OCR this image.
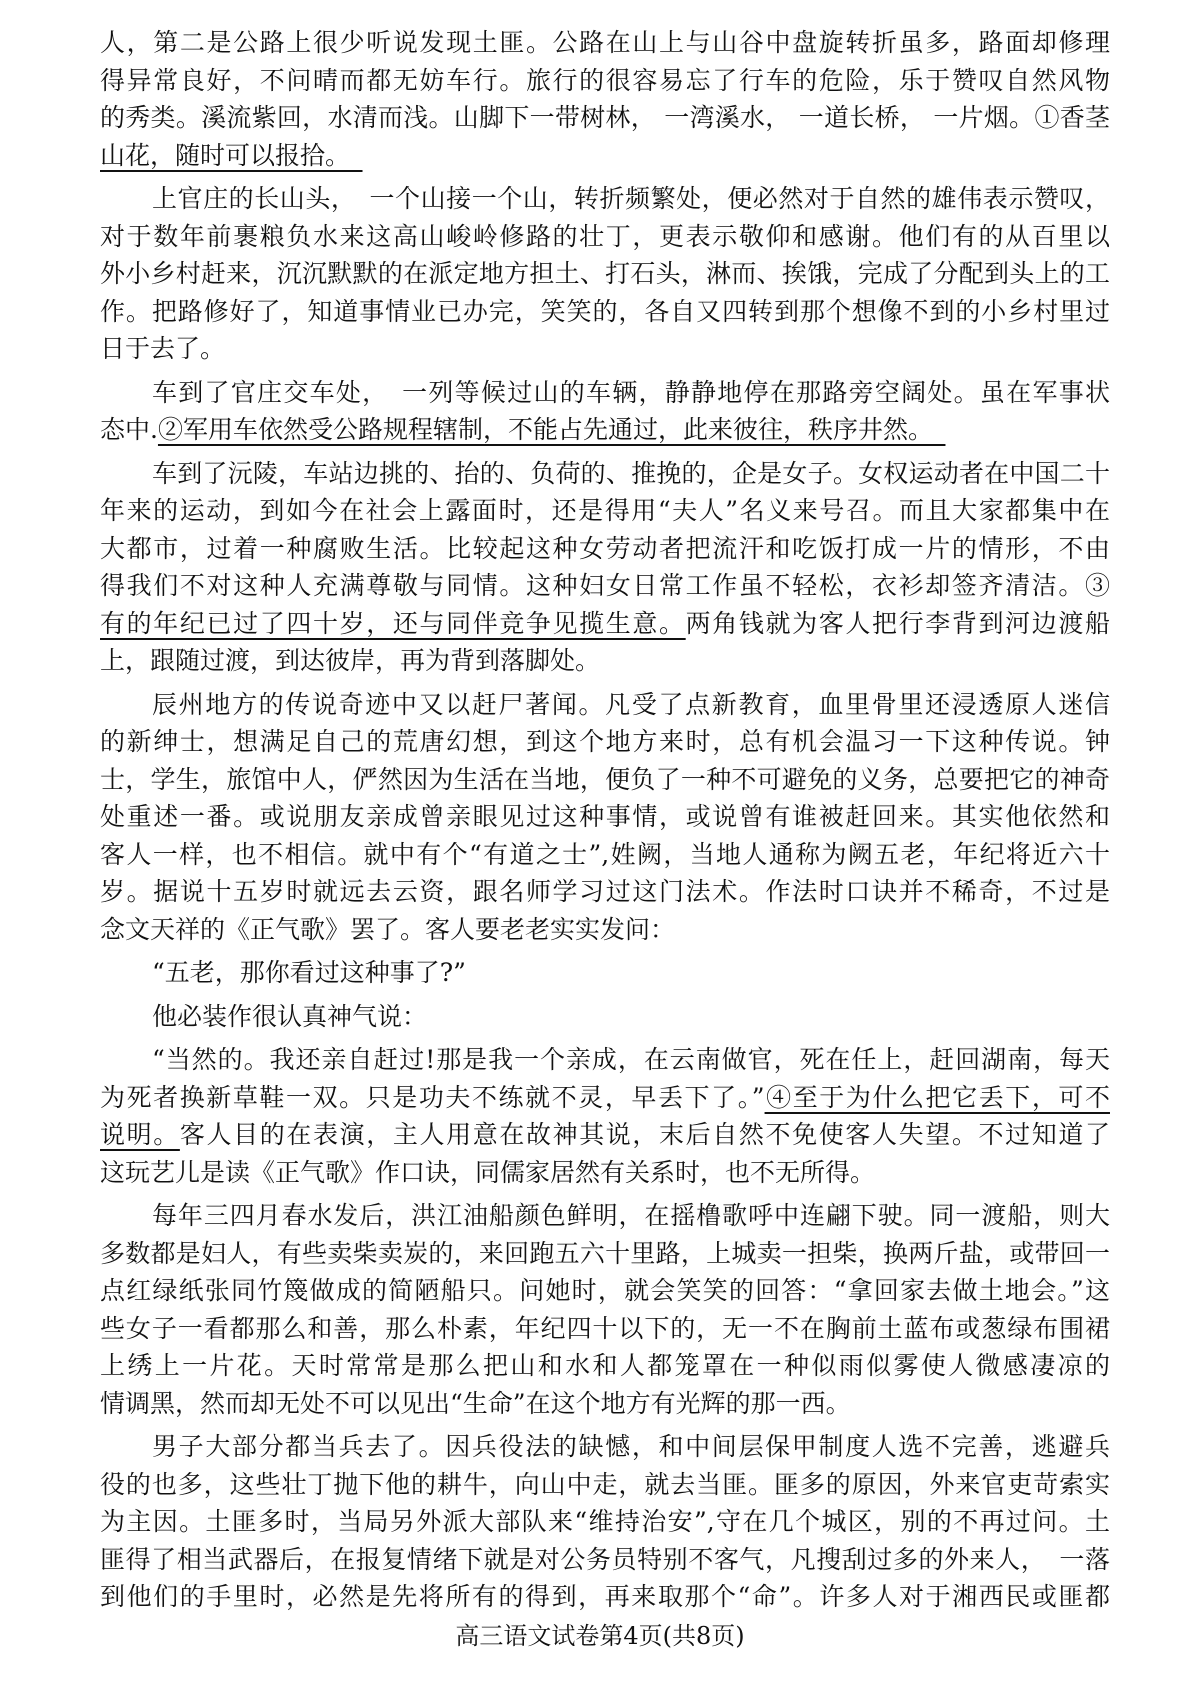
人，第二是公路上很少听说发现土匪。公路在山上与山谷中盘旋转折虽多，路面却修理
得异常良好，不问晴而都无妨车行。旅行的很容易忘了行车的危险，乐于赞叹自然风物
的秀类。溪流紫回，水清而浅。山脚下一带树林， 一湾溪水， 一道长桥， 一片烟。①香茎
山花，随时可以报拾。　
上官庄的长山头，　一个山接一个山，转折频繁处，便必然对于自然的雄伟表示赞叹，
对于数年前裹粮负水来这高山峻岭修路的壮丁，更表示敬仰和感谢。他们有的从百里以
外小乡村赶来，沉沉默默的在派定地方担土、打石头，淋而、挨饿，完成了分配到头上的工
作。把路修好了，知道事情业已办完，笑笑的，各自又四转到那个想像不到的小乡村里过
日于去了。
车到了官庄交车处，　一列等候过山的车辆，静静地停在那路旁空阔处。虽在军事状
态中.②军用车依然受公路规程辖制，不能占先通过，此来彼往，秩序井然。　
车到了沅陵，车站边挑的、抬的、负荷的、推挽的，企是女子。女权运动者在中国二十
年来的运动，到如今在社会上露面时，还是得用“夫人”名义来号召。而且大家都集中在
大都市，过着一种腐败生活。比较起这种女劳动者把流汗和吃饭打成一片的情形，不由
得我们不对这种人充满尊敬与同情。这种妇女日常工作虽不轻松，衣衫却签齐清洁。③
有的年纪已过了四十岁，还与同伴竞争见揽生意。两角钱就为客人把行李背到河边渡船
上，跟随过渡，到达彼岸，再为背到落脚处。
辰州地方的传说奇迹中又以赶尸著闻。凡受了点新教育，血里骨里还浸透原人迷信
的新绅士，想满足自己的荒唐幻想，到这个地方来时，总有机会温习一下这种传说。钟
士，学生，旅馆中人，俨然因为生活在当地，便负了一种不可避免的义务，总要把它的神奇
处重述一番。或说朋友亲成曾亲眼见过这种事情，或说曾有谁被赶回来。其实他依然和
客人一样，也不相信。就中有个“有道之士”,姓阙，当地人通称为阙五老，年纪将近六十
岁。据说十五岁时就远去云资，跟名师学习过这门法术。作法时口诀并不稀奇，不过是
念文天祥的《正气歌》罢了。客人要老老实实发问：
“五老，那你看过这种事了?”
他必装作很认真神气说：
“当然的。我还亲自赶过!那是我一个亲成，在云南做官，死在任上，赶回湖南，每天
为死者换新草鞋一双。只是功夫不练就不灵，早丢下了。”④至于为什么把它丢下，可不
说明。客人目的在表演，主人用意在故神其说，末后自然不免使客人失望。不过知道了
这玩艺儿是读《正气歌》作口诀，同儒家居然有关系时，也不无所得。
每年三四月春水发后，洪江油船颜色鲜明，在摇橹歌呼中连翩下驶。同一渡船，则大
多数都是妇人，有些卖柴卖炭的，来回跑五六十里路，上城卖一担柴，换两斤盐，或带回一
点红绿纸张同竹篾做成的简陋船只。问她时，就会笑笑的回答：“拿回家去做土地会。”这
些女子一看都那么和善，那么朴素，年纪四十以下的，无一不在胸前土蓝布或葱绿布围裙
上绣上一片花。天时常常是那么把山和水和人都笼罩在一种似雨似雾使人微感凄凉的
情调黑，然而却无处不可以见出“生命”在这个地方有光辉的那一西。
男子大部分都当兵去了。因兵役法的缺憾，和中间层保甲制度人选不完善，逃避兵
役的也多，这些壮丁抛下他的耕牛，向山中走，就去当匪。匪多的原因，外来官吏苛索实
为主因。土匪多时，当局另外派大部队来“维持治安”,守在几个城区，别的不再过问。土
匪得了相当武器后，在报复情绪下就是对公务员特别不客气，凡搜刮过多的外来人，　一落
到他们的手里时，必然是先将所有的得到，再来取那个“命”。许多人对于湘西民或匪都
高三语文试卷第4页(共8页)
